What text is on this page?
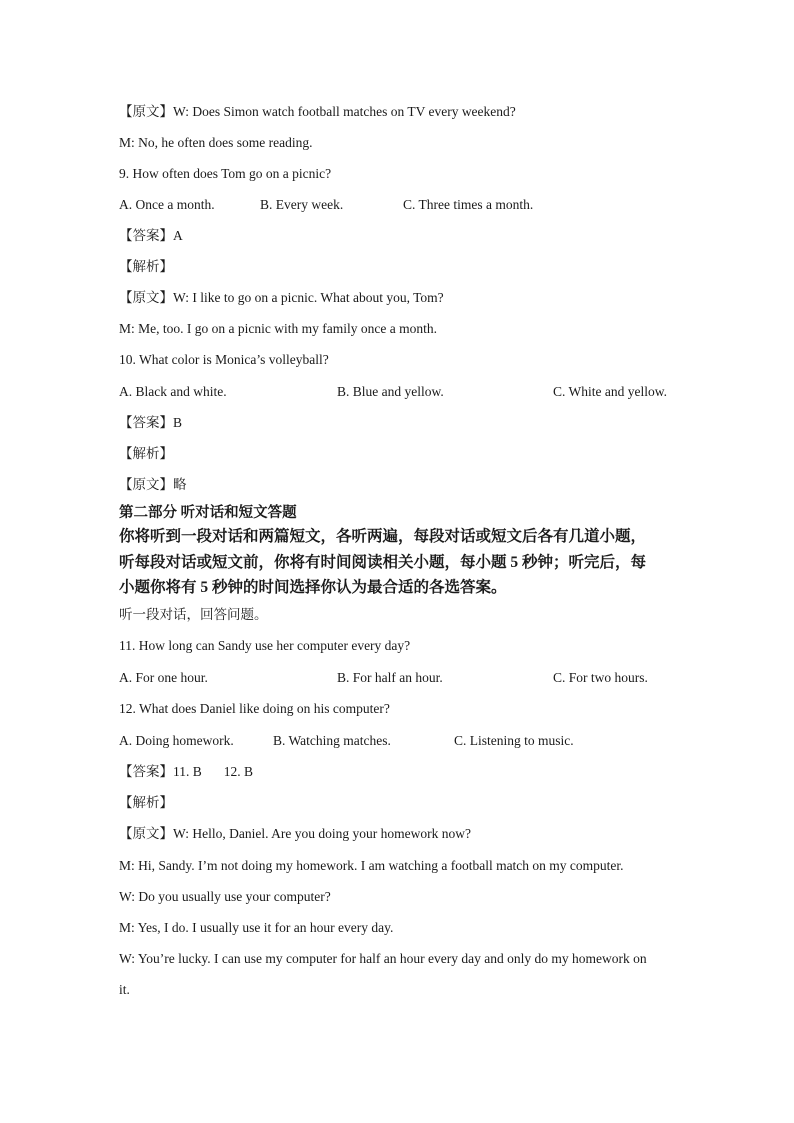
【原文】W: Does Simon watch football matches on TV every weekend?
M: No, he often does some reading.
9. How often does Tom go on a picnic?
A. Once a month.	B. Every week.	C. Three times a month.
【答案】A
【解析】
【原文】W: I like to go on a picnic. What about you, Tom?
M: Me, too. I go on a picnic with my family once a month.
10. What color is Monica’s volleyball?
A. Black and white.	B. Blue and yellow.	C. White and yellow.
【答案】B
【解析】
【原文】略
第二部分 听对话和短文答题
你将听到一段对话和两篇短文，各听两遍，每段对话或短文后各有几道小题，
听每段对话或短文前，你将有时间阅读相关小题，每小题 5 秒钟；听完后，每
小题你将有 5 秒钟的时间选择你认为最合适的各选答案。
听一段对话，回答问题。
11. How long can Sandy use her computer every day?
A. For one hour.	B. For half an hour.	C. For two hours.
12. What does Daniel like doing on his computer?
A. Doing homework.	B. Watching matches.	C. Listening to music.
【答案】11. B 12. B
【解析】
【原文】W: Hello, Daniel. Are you doing your homework now?
M: Hi, Sandy. I’m not doing my homework. I am watching a football match on my computer.
W: Do you usually use your computer?
M: Yes, I do. I usually use it for an hour every day.
W: You’re lucky. I can use my computer for half an hour every day and only do my homework on
it.
